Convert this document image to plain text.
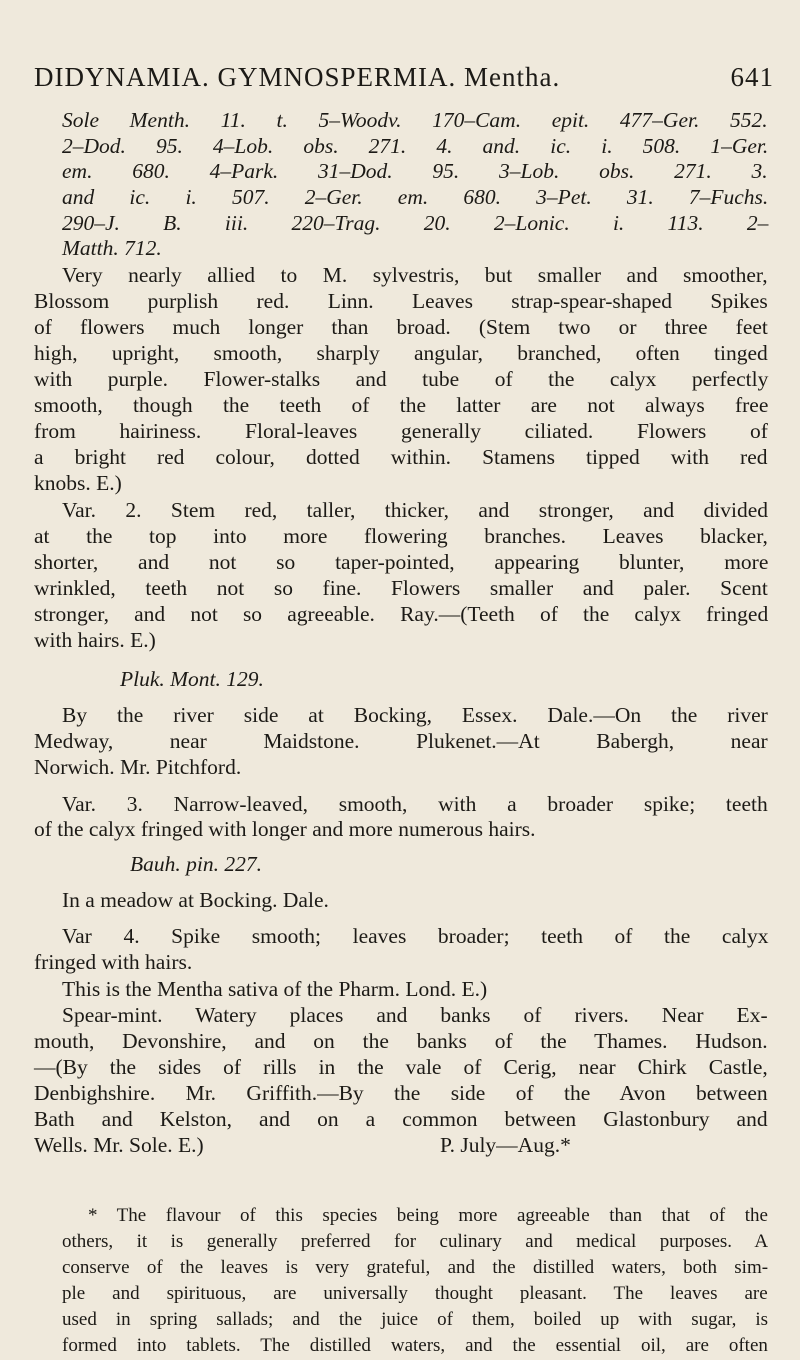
DIDYNAMIA. GYMNOSPERMIA. Mentha.	641
Sole Menth. 11. t. 5–Woodv. 170–Cam. epit. 477–Ger. 552.
2–Dod. 95. 4–Lob. obs. 271. 4. and. ic. i. 508. 1–Ger.
em. 680. 4–Park. 31–Dod. 95. 3–Lob. obs. 271. 3.
and ic. i. 507. 2–Ger. em. 680. 3–Pet. 31. 7–Fuchs.
290–J. B. iii. 220–Trag. 20. 2–Lonic. i. 113. 2–
Matth. 712.
Very nearly allied to M. sylvestris, but smaller and smoother,
Blossom purplish red. Linn. Leaves strap-spear-shaped Spikes
of flowers much longer than broad. (Stem two or three feet
high, upright, smooth, sharply angular, branched, often tinged
with purple. Flower-stalks and tube of the calyx perfectly
smooth, though the teeth of the latter are not always free
from hairiness. Floral-leaves generally ciliated. Flowers of
a bright red colour, dotted within. Stamens tipped with red
knobs. E.)
Var. 2. Stem red, taller, thicker, and stronger, and divided
at the top into more flowering branches. Leaves blacker,
shorter, and not so taper-pointed, appearing blunter, more
wrinkled, teeth not so fine. Flowers smaller and paler. Scent
stronger, and not so agreeable. Ray.—(Teeth of the calyx fringed
with hairs. E.)
Pluk. Mont. 129.
By the river side at Bocking, Essex. Dale.—On the river
Medway, near Maidstone. Plukenet.—At Babergh, near
Norwich. Mr. Pitchford.
Var. 3. Narrow-leaved, smooth, with a broader spike; teeth
of the calyx fringed with longer and more numerous hairs.
Bauh. pin. 227.
In a meadow at Bocking. Dale.
Var 4. Spike smooth; leaves broader; teeth of the calyx
fringed with hairs.
This is the Mentha sativa of the Pharm. Lond. E.)
Spear-mint. Watery places and banks of rivers. Near Ex-
mouth, Devonshire, and on the banks of the Thames. Hudson.
—(By the sides of rills in the vale of Cerig, near Chirk Castle,
Denbighshire. Mr. Griffith.—By the side of the Avon between
Bath and Kelston, and on a common between Glastonbury and
Wells. Mr. Sole. E.)	P. July—Aug.*
* The flavour of this species being more agreeable than that of the
others, it is generally preferred for culinary and medical purposes. A
conserve of the leaves is very grateful, and the distilled waters, both sim-
ple and spirituous, are universally thought pleasant. The leaves are
used in spring sallads; and the juice of them, boiled up with sugar, is
formed into tablets. The distilled waters, and the essential oil, are often
